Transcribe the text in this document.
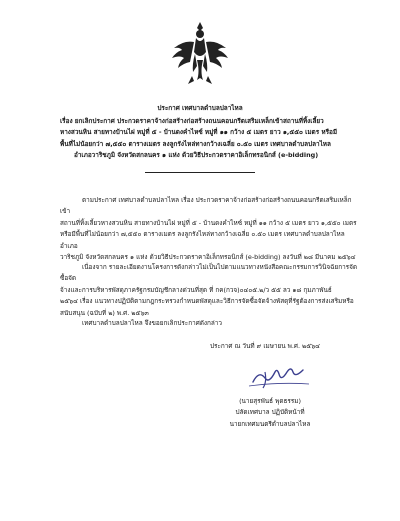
ประกาศ เทศบาลตำบลปลาไหล

เรื่อง ยกเลิกประกาศ ประกวดราคาจ้างก่อสร้างก่อสร้างถนนคอนกรีตเสริมเหล็กเข้าสถานที่ทิ้งเลี้ยว

หางสวนหิน สายทางบ้านไผ่ หมู่ที่ ๕ - บ้านดงคำไหซ์ หมู่ที่ ๑๑ กว้าง ๕ เมตร ยาว ๑,๕๕๐ เมตร หรือมี

พื้นที่ไม่น้อยกว่า ๗,๕๕๐ ตารางเมตร ลงลูกรังไหล่ทางกว้างเฉลี่ย ๐.๕๐ เมตร เทศบาลตำบลปลาไหล

อำเภอวาริชภูมิ จังหวัดสกลนคร ๑ แห่ง ด้วยวิธีประกวดราคาอิเล็กทรอนิกส์ (e-bidding)

ตามประกาศ เทศบาลตำบลปลาไหล เรื่อง ประกวดราคาจ้างก่อสร้างก่อสร้างถนนคอนกรีตเสริมเหล็กเข้า

สถานที่ทิ้งเลี้ยวหางสวนหิน สายทางบ้านไผ่ หมู่ที่ ๕ - บ้านดงคำไหซ์ หมู่ที่ ๑๑ กว้าง ๕ เมตร ยาว ๑,๕๕๐ เมตร

หรือมีพื้นที่ไม่น้อยกว่า ๗,๕๕๐ ตารางเมตร ลงลูกรังไหล่ทางกว้างเฉลี่ย ๐.๕๐ เมตร เทศบาลตำบลปลาไหล อำเภอ

วาริชภูมิ จังหวัดสกลนคร ๑ แห่ง ด้วยวิธีประกวดราคาอิเล็กทรอนิกส์ (e-bidding) ลงวันที่ ๒๘ มีนาคม ๒๕๖๔

เนื่องจาก รายละเอียดงานโครงการดังกล่าวไม่เป็นไปตามแนวทางหนังสือคณะกรรมการวินิจฉัยการจัดซื้อจัด

จ้างและการบริหารพัสดุภาครัฐกรมบัญชีกลางด่วนที่สุด ที่ กค(กวจ)๐๔๐๕.๒/ว ๕๕ ลว ๑๘ กุมภาพันธ์

๒๕๖๔ เรื่อง แนวทางปฏิบัติตามกฎกระทรวงกำหนดพัสดุและวิธีการจัดซื้อจัดจ้างพัสดุที่รัฐต้องการส่งเสริมหรือ

สนับสนุน (ฉบับที่ ๒) พ.ศ. ๒๕๖๓

เทศบาลตำบลปลาไหล จึงขอยกเลิกประกาศดังกล่าว

ประกาศ ณ วันที่ ๙ เมษายน พ.ศ. ๒๕๖๔

(นายสุรพันธ์ พุดธรรม)

ปลัดเทศบาล ปฏิบัติหน้าที่

นายกเทศมนตรีตำบลปลาไหล
